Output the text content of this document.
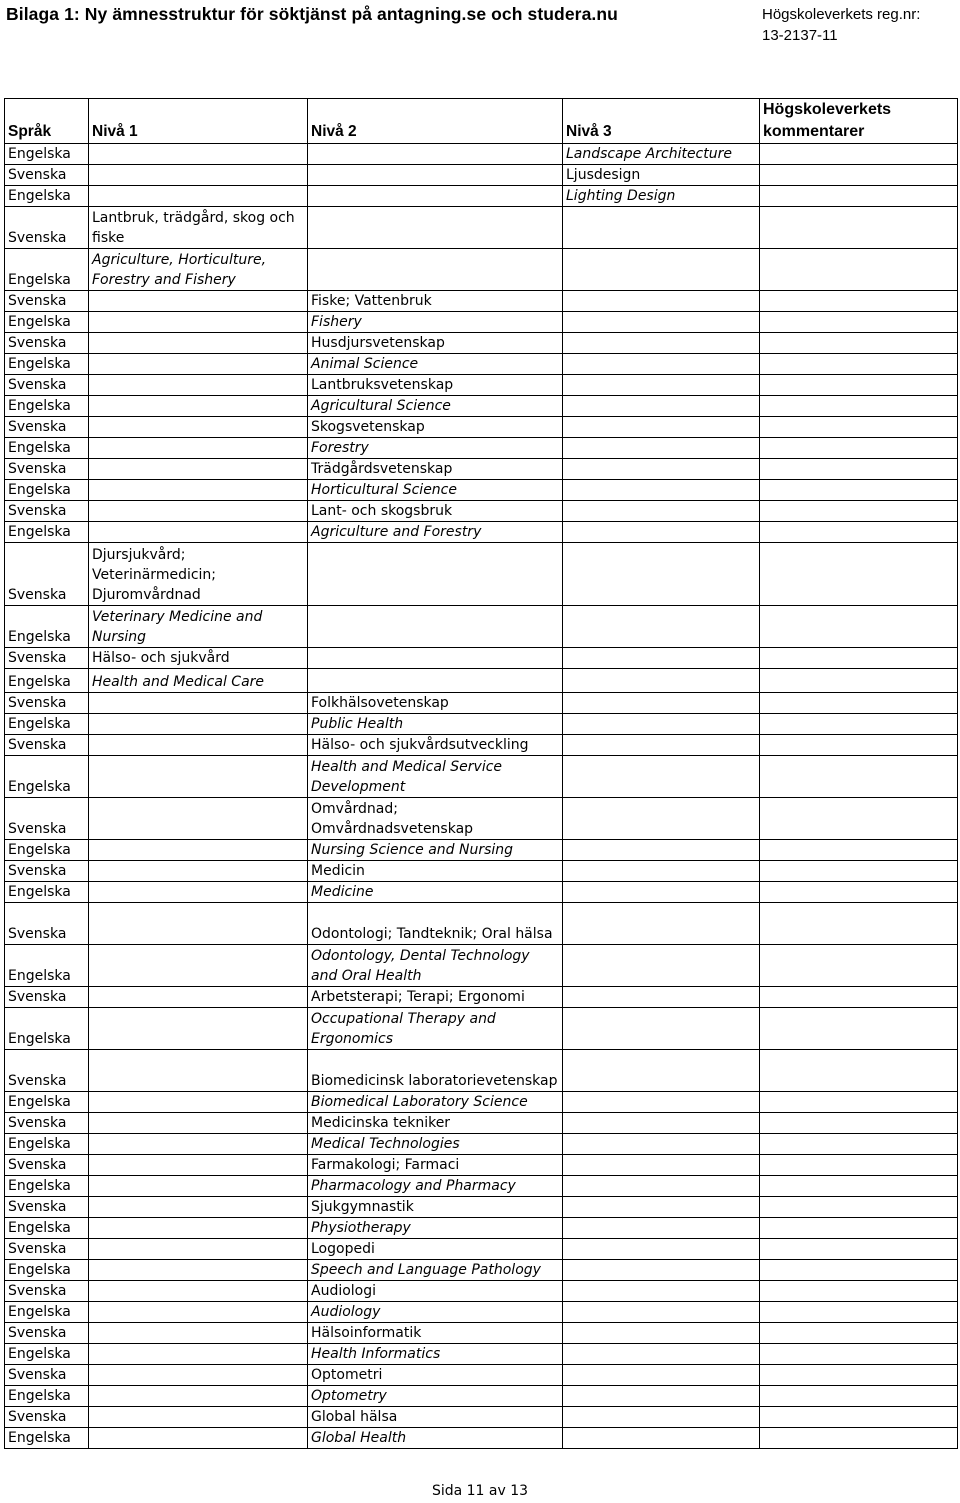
Bilaga 1: Ny ämnesstruktur för söktjänst på antagning.se och studera.nu	Högskoleverkets reg.nr:
13-2137-11
Språk	Nivå 1	Nivå 2	Nivå 3	Högskoleverkets kommentarer
Engelska			Landscape Architecture	
Svenska			Ljusdesign	
Engelska			Lighting Design	
Svenska	Lantbruk, trädgård, skog och fiske			
Engelska	Agriculture, Horticulture, Forestry and Fishery			
Svenska		Fiske; Vattenbruk		
Engelska		Fishery		
Svenska		Husdjursvetenskap		
Engelska		Animal Science		
Svenska		Lantbruksvetenskap		
Engelska		Agricultural Science		
Svenska		Skogsvetenskap		
Engelska		Forestry		
Svenska		Trädgårdsvetenskap		
Engelska		Horticultural Science		
Svenska		Lant- och skogsbruk		
Engelska		Agriculture and Forestry		
Svenska	Djursjukvård; Veterinärmedicin; Djuromvårdnad			
Engelska	Veterinary Medicine and Nursing			
Svenska	Hälso- och sjukvård			
Engelska	Health and Medical Care			
Svenska		Folkhälsovetenskap		
Engelska		Public Health		
Svenska		Hälso- och sjukvårdsutveckling		
Engelska		Health and Medical Service Development		
Svenska		Omvårdnad; Omvårdnadsvetenskap		
Engelska		Nursing Science and Nursing		
Svenska		Medicin		
Engelska		Medicine		
Svenska		Odontologi; Tandteknik; Oral hälsa		
Engelska		Odontology, Dental Technology and Oral Health		
Svenska		Arbetsterapi; Terapi; Ergonomi		
Engelska		Occupational Therapy and Ergonomics		
Svenska		Biomedicinsk laboratorievetenskap		
Engelska		Biomedical Laboratory Science		
Svenska		Medicinska tekniker		
Engelska		Medical Technologies		
Svenska		Farmakologi; Farmaci		
Engelska		Pharmacology and Pharmacy		
Svenska		Sjukgymnastik		
Engelska		Physiotherapy		
Svenska		Logopedi		
Engelska		Speech and Language Pathology		
Svenska		Audiologi		
Engelska		Audiology		
Svenska		Hälsoinformatik		
Engelska		Health Informatics		
Svenska		Optometri		
Engelska		Optometry		
Svenska		Global hälsa		
Engelska		Global Health		
Sida 11 av 13
